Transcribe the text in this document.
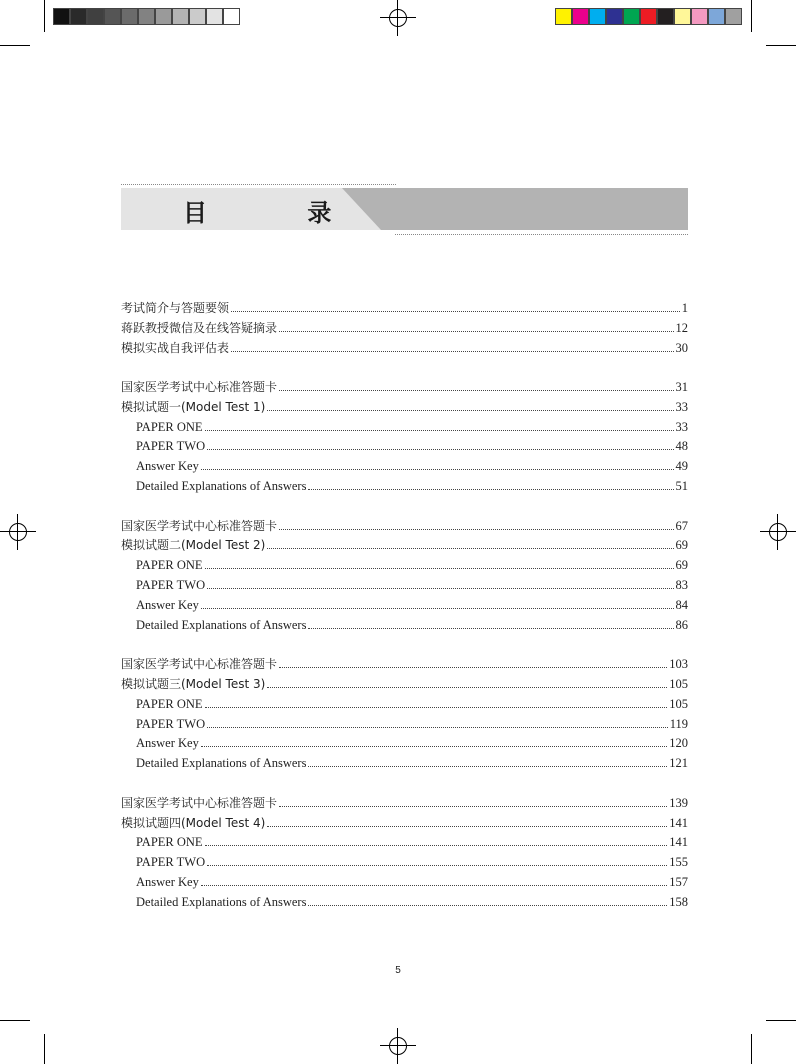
目 录
考试简介与答题要领	1
蒋跃教授微信及在线答疑摘录	12
模拟实战自我评估表	30
国家医学考试中心标准答题卡	31
模拟试题一(Model Test 1)	33
PAPER ONE	33
PAPER TWO	48
Answer Key	49
Detailed Explanations of Answers	51
国家医学考试中心标准答题卡	67
模拟试题二(Model Test 2)	69
PAPER ONE	69
PAPER TWO	83
Answer Key	84
Detailed Explanations of Answers	86
国家医学考试中心标准答题卡	103
模拟试题三(Model Test 3)	105
PAPER ONE	105
PAPER TWO	119
Answer Key	120
Detailed Explanations of Answers	121
国家医学考试中心标准答题卡	139
模拟试题四(Model Test 4)	141
PAPER ONE	141
PAPER TWO	155
Answer Key	157
Detailed Explanations of Answers	158
5
